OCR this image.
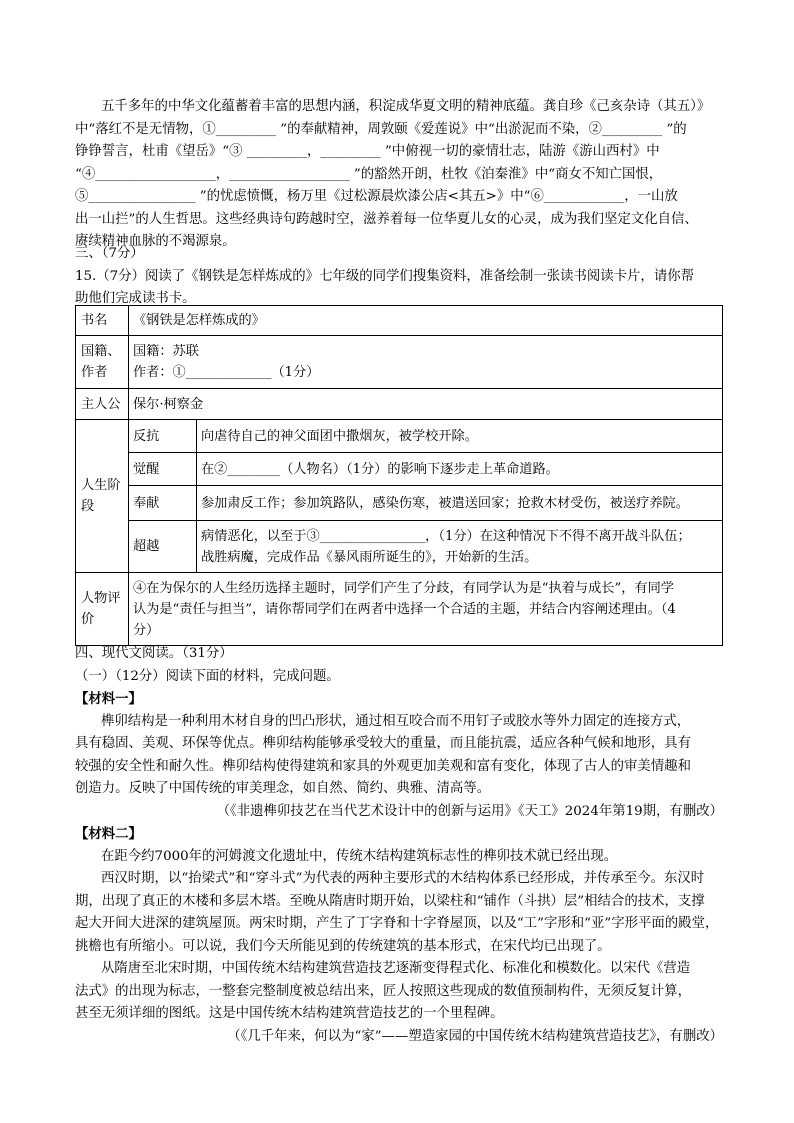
五千多年的中华文化蕴蓄着丰富的思想内涵，积淀成华夏文明的精神底蕴。龚自珍《己亥杂诗（其五）》

中“落红不是无情物，①_________ ”的奉献精神，周敦颐《爱莲说》中“出淤泥而不染，②_________ ”的

铮铮誓言，杜甫《望岳》“③ _________，_________ ”中俯视一切的豪情壮志，陆游《游山西村》中

“④__________________，__________________ ”的豁然开朗，杜牧《泊秦淮》中“商女不知亡国恨，

⑤________________ ”的忧虑愤慨，杨万里《过松源晨炊漆公店<其五>》中“⑥____________，一山放

出一山拦”的人生哲思。这些经典诗句跨越时空，滋养着每一位华夏儿女的心灵，成为我们坚定文化自信、

赓续精神血脉的不竭源泉。

三、（7分）

15.（7分）阅读了《钢铁是怎样炼成的》七年级的同学们搜集资料，准备绘制一张读书阅读卡片，请你帮

助他们完成读书卡。

书名	《钢铁是怎样炼成的》	
国籍、作者	国籍：苏联
作者：①_____________（1分）	

主人公	保尔·柯察金	
人生阶段	反抗	向虐待自己的神父面团中撒烟灰，被学校开除。
	觉醒	在②________（人物名）（1分）的影响下逐步走上革命道路。
	奉献	参加肃反工作；参加筑路队，感染伤寒，被遣送回家；抢救木材受伤，被送疗养院。
	超越	病情恶化，以至于③________________，（1分）在这种情况下不得不离开战斗队伍；
战胜病魔，完成作品《暴风雨所诞生的》，开始新的生活。

人物评价	④在为保尔的人生经历选择主题时，同学们产生了分歧，有同学认为是“执着与成长”，有同学
认为是“责任与担当”，请你帮同学们在两者中选择一个合适的主题，并结合内容阐述理由。（4
分）	

四、现代文阅读。（31分）

（一）（12分）阅读下面的材料，完成问题。

【材料一】

榫卯结构是一种利用木材自身的凹凸形状，通过相互咬合而不用钉子或胶水等外力固定的连接方式，

具有稳固、美观、环保等优点。榫卯结构能够承受较大的重量，而且能抗震，适应各种气候和地形，具有

较强的安全性和耐久性。榫卯结构使得建筑和家具的外观更加美观和富有变化，体现了古人的审美情趣和

创造力。反映了中国传统的审美理念，如自然、简约、典雅、清高等。

（《非遗榫卯技艺在当代艺术设计中的创新与运用》《天工》2024年第19期，有删改）

【材料二】

在距今约7000年的河姆渡文化遗址中，传统木结构建筑标志性的榫卯技术就已经出现。

西汉时期，以“抬梁式”和“穿斗式”为代表的两种主要形式的木结构体系已经形成，并传承至今。东汉时

期，出现了真正的木楼和多层木塔。至晚从隋唐时期开始，以梁柱和“铺作（斗拱）层”相结合的技术，支撑

起大开间大进深的建筑屋顶。两宋时期，产生了丁字脊和十字脊屋顶，以及“工”字形和“亚”字形平面的殿堂，

挑檐也有所缩小。可以说，我们今天所能见到的传统建筑的基本形式，在宋代均已出现了。

从隋唐至北宋时期，中国传统木结构建筑营造技艺逐渐变得程式化、标准化和模数化。以宋代《营造

法式》的出现为标志，一整套完整制度被总结出来，匠人按照这些现成的数值预制构件，无须反复计算，

甚至无须详细的图纸。这是中国传统木结构建筑营造技艺的一个里程碑。

（《几千年来，何以为“家”——塑造家园的中国传统木结构建筑营造技艺》，有删改）
